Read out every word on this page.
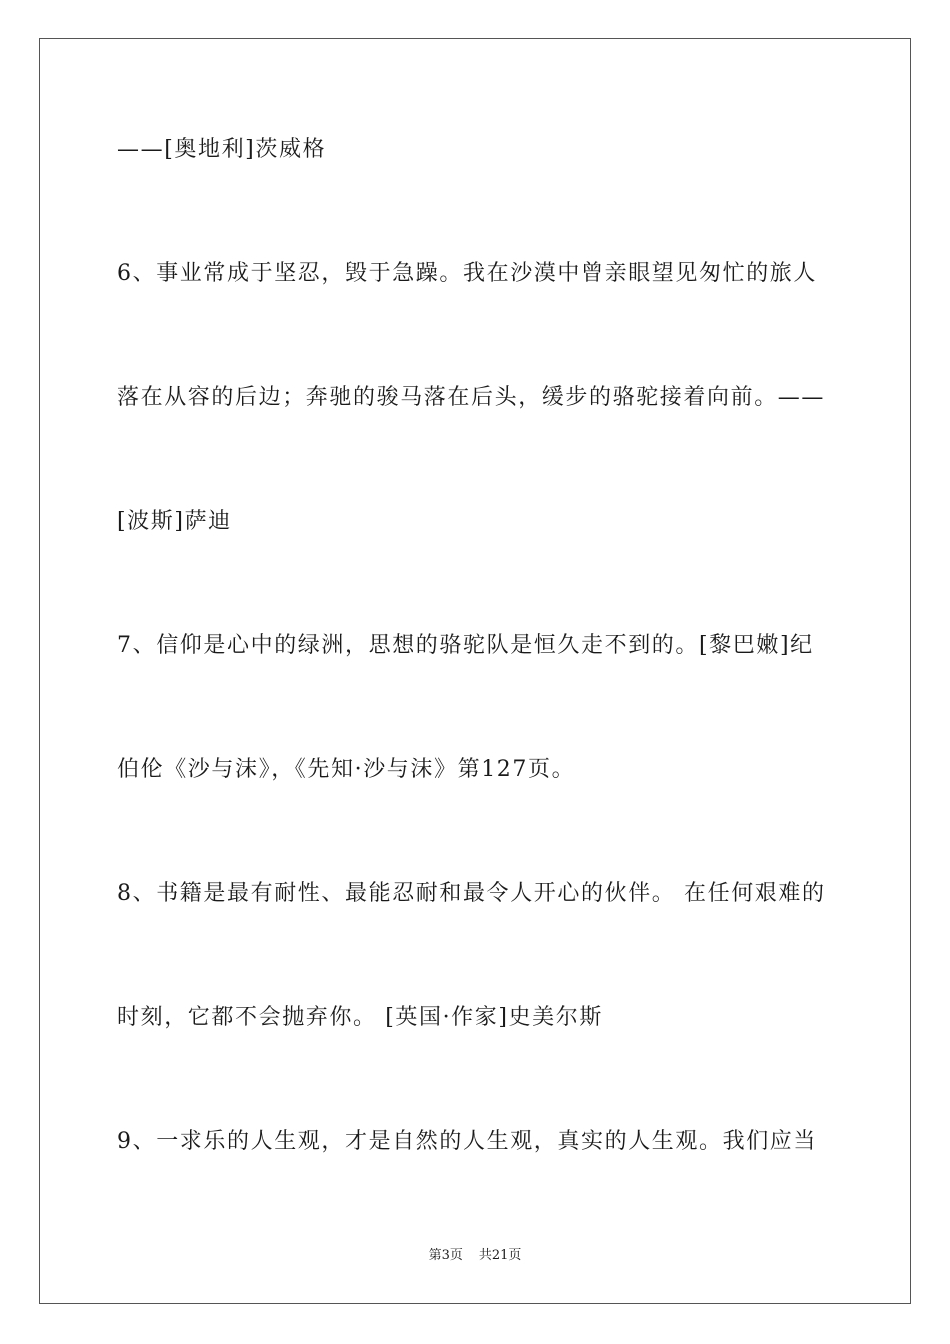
——[奥地利]茨威格
6、事业常成于坚忍，毁于急躁。我在沙漠中曾亲眼望见匆忙的旅人
落在从容的后边；奔驰的骏马落在后头，缓步的骆驼接着向前。——
[波斯]萨迪
7、信仰是心中的绿洲，思想的骆驼队是恒久走不到的。[黎巴嫩]纪
伯伦《沙与沫》，《先知·沙与沫》第127页。
8、书籍是最有耐性、最能忍耐和最令人开心的伙伴。 在任何艰难的
时刻，它都不会抛弃你。 [英国·作家]史美尔斯
9、一求乐的人生观，才是自然的人生观，真实的人生观。我们应当
第3页 共21页
